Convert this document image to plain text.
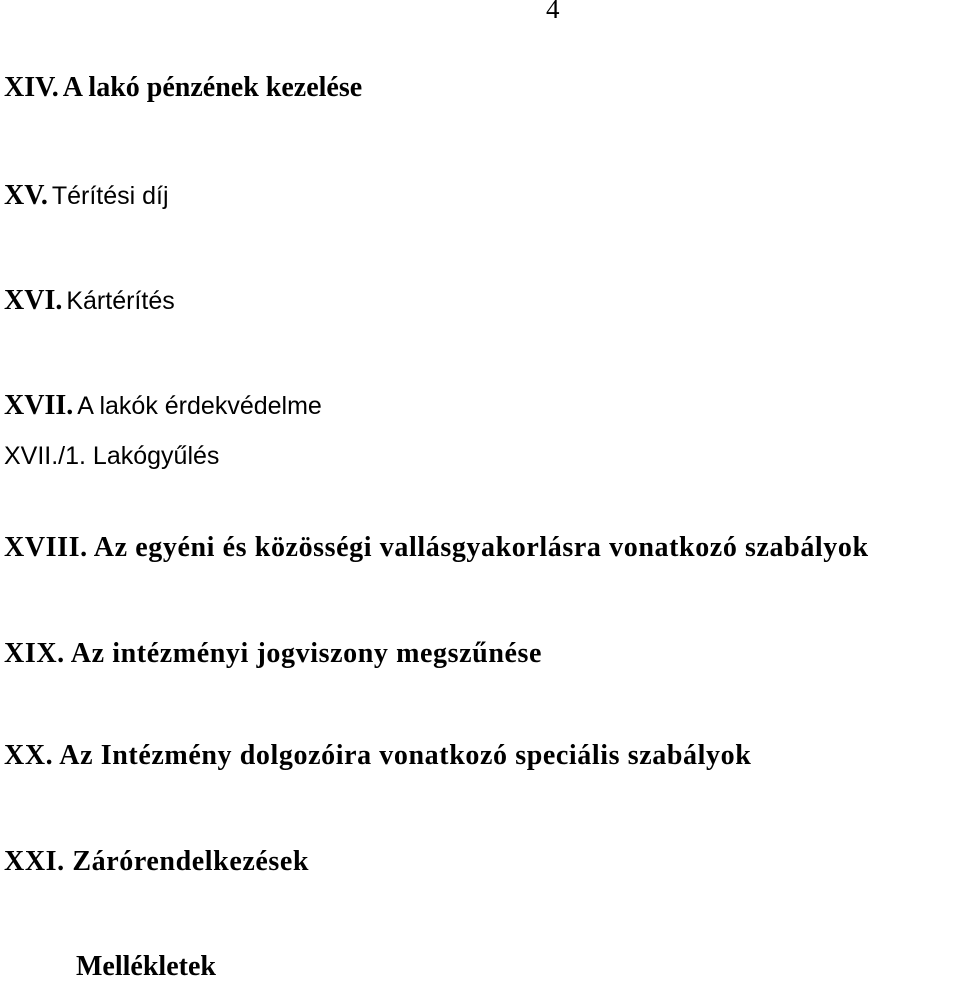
4

XIV. A lakó pénzének kezelése

XV. Térítési díj

XVI. Kártérítés

XVII. A lakók érdekvédelme

XVII./1. Lakógyűlés

XVIII. Az egyéni és közösségi vallásgyakorlásra vonatkozó szabályok

XIX. Az intézményi jogviszony megszűnése

XX. Az Intézmény dolgozóira vonatkozó speciális szabályok

XXI. Zárórendelkezések

Mellékletek
